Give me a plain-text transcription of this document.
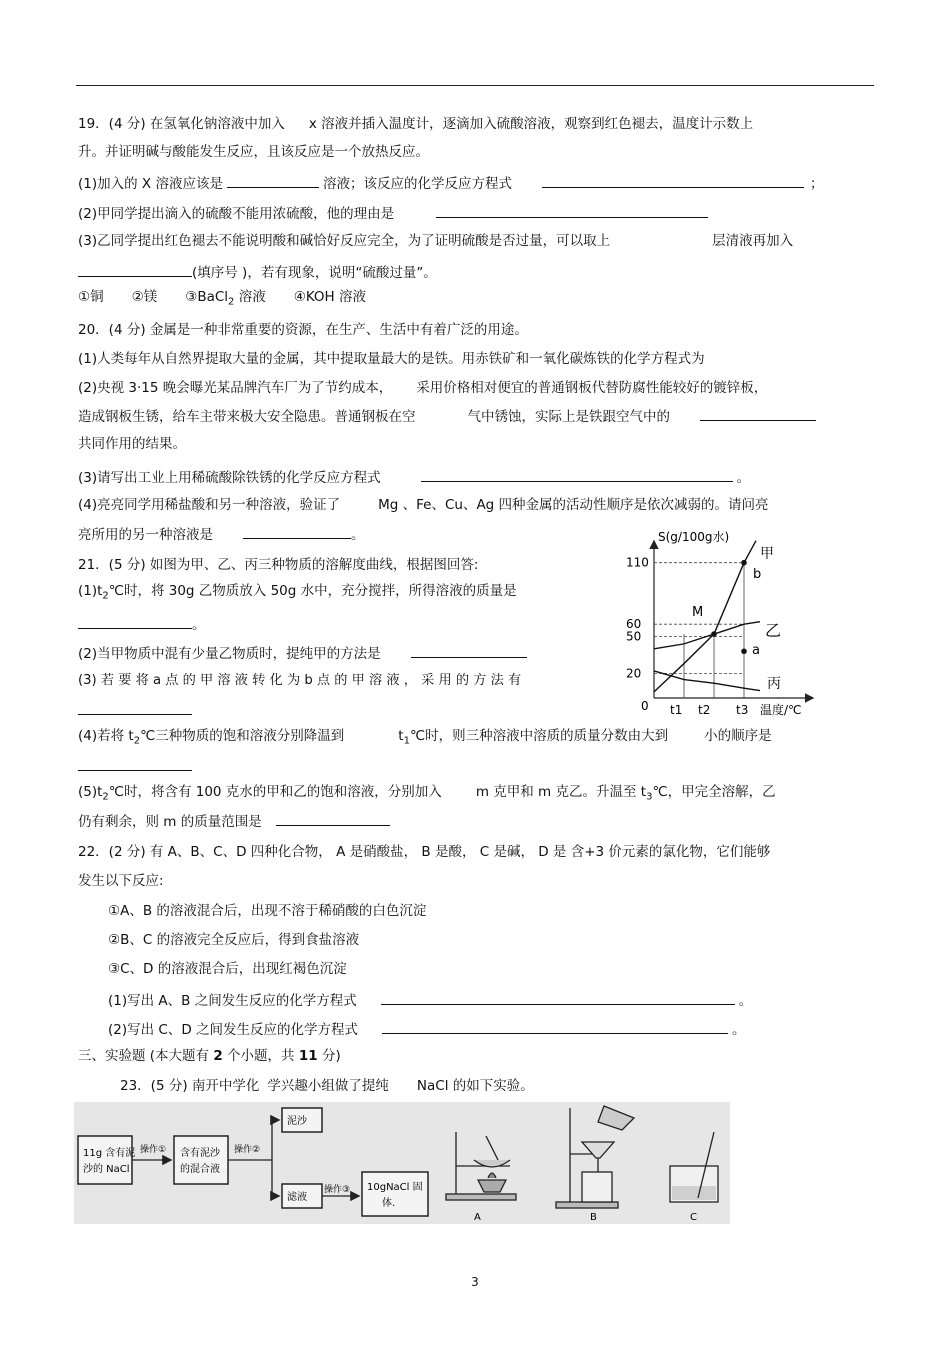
19．(4 分) 在氢氧化钠溶液中加入 x 溶液并插入温度计，逐滴加入硫酸溶液，观察到红色褪去，温度计示数上
升。并证明碱与酸能发生反应，且该反应是一个放热反应。
(1)加入的 X 溶液应该是	溶液；该反应的化学反应方程式	；
(2)甲同学提出滴入的硫酸不能用浓硫酸，他的理由是
(3)乙同学提出红色褪去不能说明酸和碱恰好反应完全，为了证明硫酸是否过量，可以取上	层清液再加入
(填序号 )，若有现象，说明“硫酸过量”。
①铜 ②镁 ③BaCl$_2$ 溶液 ④KOH 溶液
20．(4 分) 金属是一种非常重要的资源，在生产、生活中有着广泛的用途。
(1)人类每年从自然界提取大量的金属，其中提取量最大的是铁。用赤铁矿和一氧化碳炼铁的化学方程式为
(2)央视 3·15 晚会曝光某品牌汽车厂为了节约成本， 采用价格相对便宜的普通钢板代替防腐性能较好的镀锌板，
造成钢板生锈，给车主带来极大安全隐患。普通钢板在空	气中锈蚀，实际上是铁跟空气中的
共同作用的结果。
(3)请写出工业上用稀硫酸除铁锈的化学反应方程式	。
(4)亮亮同学用稀盐酸和另一种溶液，验证了	Mg 、Fe、Cu、Ag 四种金属的活动性顺序是依次减弱的。请问亮
亮所用的另一种溶液是	。
21．(5 分) 如图为甲、乙、丙三种物质的溶解度曲线，根据图回答:
$(1)t_2℃$时，将 30g 乙物质放入 50g 水中，充分搅拌，所得溶液的质量是
。
(2)当甲物质中混有少量乙物质时，提纯甲的方法是
(3) 若 要 将 a 点 的 甲 溶 液 转 化 为 b 点 的 甲 溶 液 ， 采 用 的 方 法 有
(4)若将 $t_2℃$三种物质的饱和溶液分别降温到	$t_1℃$时，则三种溶液中溶质的质量分数由大到	小的顺序是
$(5)t_2℃$时，将含有 100 克水的甲和乙的饱和溶液，分别加入	m 克甲和 m 克乙。升温至 $t_3℃$，甲完全溶解，乙
仍有剩余，则 m 的质量范围是
S(g/100g水)
温度/℃
0
20
50
60
110
甲
乙
丙
M
a
b
t1 t2 t3
22．(2 分) 有 A、B、C、D 四种化合物， A 是硝酸盐， B 是酸， C 是碱， D 是 含+3 价元素的氯化物，它们能够
发生以下反应:
①A、B 的溶液混合后，出现不溶于稀硝酸的白色沉淀
②B、C 的溶液完全反应后，得到食盐溶液
③C、D 的溶液混合后，出现红褐色沉淀
(1)写出 A、B 之间发生反应的化学方程式	。
(2)写出 C、D 之间发生反应的化学方程式	。
三、实验题 (本大题有 2 个小题，共 11 分)
23．(5 分) 南开中学化 学兴趣小组做了提纯 NaCl 的如下实验。
11g 含有泥
沙的 NaCl
操作① 含有泥沙
的混合液
操作②
泥沙
滤液
操作③ 10gNaCl 固
体.
A	B	C
3
